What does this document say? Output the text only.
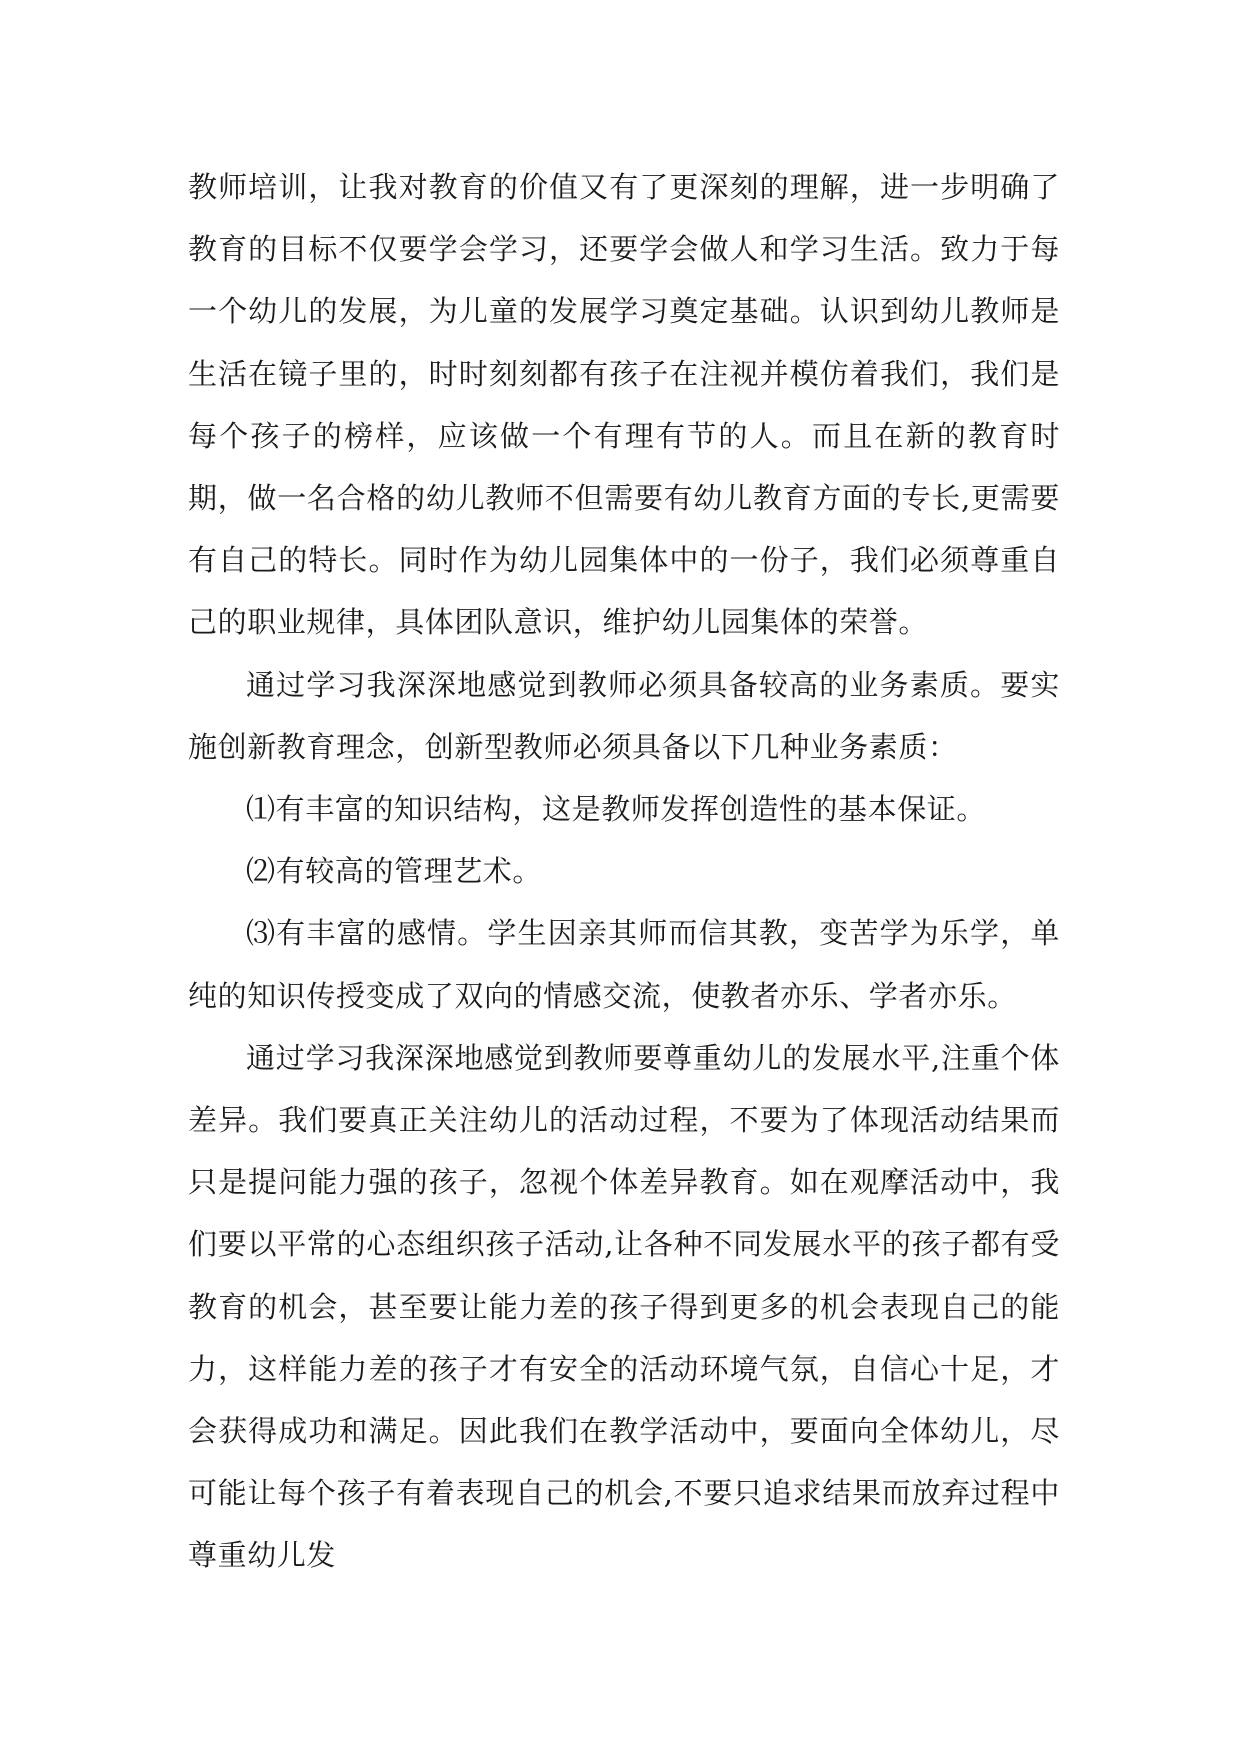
教师培训，让我对教育的价值又有了更深刻的理解，进一步明确了教育的目标不仅要学会学习，还要学会做人和学习生活。致力于每一个幼儿的发展，为儿童的发展学习奠定基础。认识到幼儿教师是生活在镜子里的，时时刻刻都有孩子在注视并模仿着我们，我们是每个孩子的榜样，应该做一个有理有节的人。而且在新的教育时期，做一名合格的幼儿教师不但需要有幼儿教育方面的专长,更需要有自己的特长。同时作为幼儿园集体中的一份子，我们必须尊重自己的职业规律，具体团队意识，维护幼儿园集体的荣誉。

通过学习我深深地感觉到教师必须具备较高的业务素质。要实施创新教育理念，创新型教师必须具备以下几种业务素质：

⑴有丰富的知识结构，这是教师发挥创造性的基本保证。

⑵有较高的管理艺术。

⑶有丰富的感情。学生因亲其师而信其教，变苦学为乐学，单纯的知识传授变成了双向的情感交流，使教者亦乐、学者亦乐。

通过学习我深深地感觉到教师要尊重幼儿的发展水平,注重个体差异。我们要真正关注幼儿的活动过程，不要为了体现活动结果而只是提问能力强的孩子，忽视个体差异教育。如在观摩活动中，我们要以平常的心态组织孩子活动,让各种不同发展水平的孩子都有受教育的机会，甚至要让能力差的孩子得到更多的机会表现自己的能力，这样能力差的孩子才有安全的活动环境气氛，自信心十足，才会获得成功和满足。因此我们在教学活动中，要面向全体幼儿，尽可能让每个孩子有着表现自己的机会,不要只追求结果而放弃过程中尊重幼儿发
